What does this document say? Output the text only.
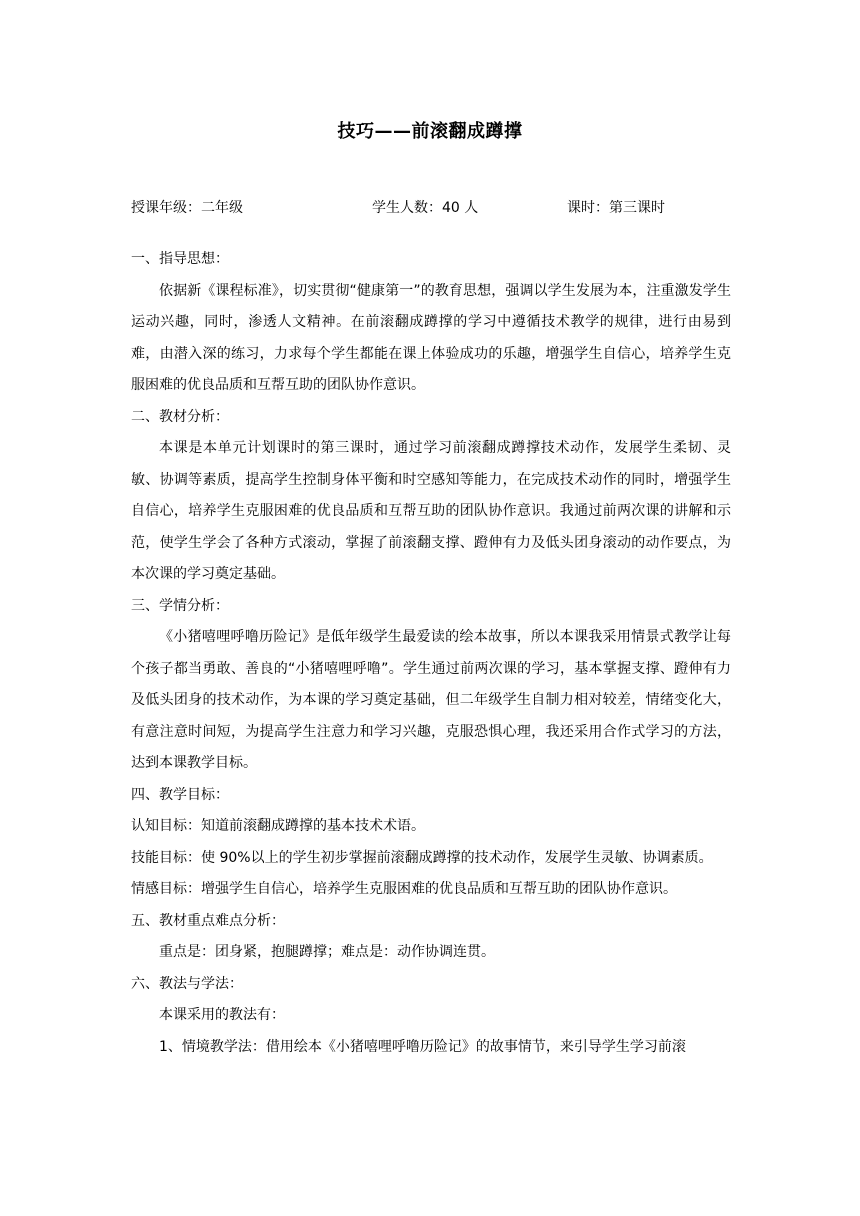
技巧——前滚翻成蹲撑
授课年级：二年级	学生人数：40 人	课时：第三课时

一、指导思想：

依据新《课程标准》，切实贯彻“健康第一”的教育思想，强调以学生发展为本，注重激发学生运动兴趣，同时，渗透人文精神。在前滚翻成蹲撑的学习中遵循技术教学的规律，进行由易到难，由潜入深的练习，力求每个学生都能在课上体验成功的乐趣，增强学生自信心，培养学生克服困难的优良品质和互帮互助的团队协作意识。

二、教材分析：

本课是本单元计划课时的第三课时，通过学习前滚翻成蹲撑技术动作，发展学生柔韧、灵敏、协调等素质，提高学生控制身体平衡和时空感知等能力，在完成技术动作的同时，增强学生自信心，培养学生克服困难的优良品质和互帮互助的团队协作意识。我通过前两次课的讲解和示范，使学生学会了各种方式滚动，掌握了前滚翻支撑、蹬伸有力及低头团身滚动的动作要点，为本次课的学习奠定基础。

三、学情分析：

《小猪嘻哩呼噜历险记》是低年级学生最爱读的绘本故事，所以本课我采用情景式教学让每个孩子都当勇敢、善良的“小猪嘻哩呼噜”。学生通过前两次课的学习，基本掌握支撑、蹬伸有力及低头团身的技术动作，为本课的学习奠定基础，但二年级学生自制力相对较差，情绪变化大，有意注意时间短，为提高学生注意力和学习兴趣，克服恐惧心理，我还采用合作式学习的方法，达到本课教学目标。

四、教学目标：

认知目标：知道前滚翻成蹲撑的基本技术术语。

技能目标：使 90%以上的学生初步掌握前滚翻成蹲撑的技术动作，发展学生灵敏、协调素质。

情感目标：增强学生自信心，培养学生克服困难的优良品质和互帮互助的团队协作意识。

五、教材重点难点分析：

重点是：团身紧，抱腿蹲撑；难点是：动作协调连贯。

六、教法与学法：

本课采用的教法有：

1、情境教学法：借用绘本《小猪嘻哩呼噜历险记》的故事情节，来引导学生学习前滚
